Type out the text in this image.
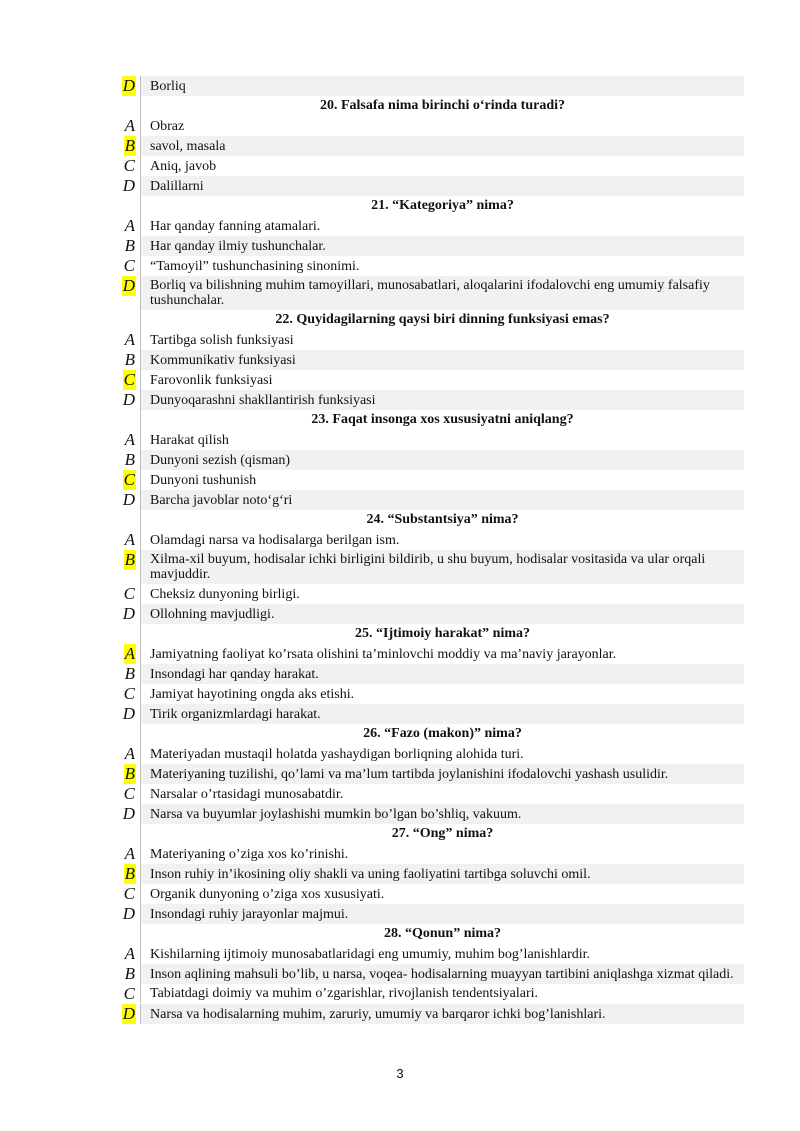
D	Borliq
20. Falsafa nima birinchi o‘rinda turadi?
A	Obraz
B	savol, masala
C	Aniq, javob
D	Dalillarni
21. “Kategoriya” nima?
A	Har qanday fanning atamalari.
B	Har qanday ilmiy tushunchalar.
C	“Tamoyil” tushunchasining sinonimi.
D	Borliq va bilishning muhim tamoyillari, munosabatlari, aloqalarini ifodalovchi eng umumiy falsafiy tushunchalar.
22. Quyidagilarning qaysi biri dinning funksiyasi emas?
A	Tartibga solish funksiyasi
B	Kommunikativ funksiyasi
C	Farovonlik funksiyasi
D	Dunyoqarashni shakllantirish funksiyasi
23. Faqat insonga xos xususiyatni aniqlang?
A	Harakat qilish
B	Dunyoni sezish (qisman)
C	Dunyoni tushunish
D	Barcha javoblar noto‘g‘ri
24. “Substantsiya” nima?
A	Olamdagi narsa va hodisalarga berilgan ism.
B	Xilma-xil buyum, hodisalar ichki birligini bildirib, u shu buyum, hodisalar vositasida va ular orqali mavjuddir.
C	Cheksiz dunyoning birligi.
D	Ollohning mavjudligi.
25. “Ijtimoiy harakat” nima?
A	Jamiyatning faoliyat ko’rsata olishini ta’minlovchi moddiy va ma’naviy jarayonlar.
B	Insondagi har qanday harakat.
C	Jamiyat hayotining ongda aks etishi.
D	Tirik organizmlardagi harakat.
26. “Fazo (makon)” nima?
A	Materiyadan mustaqil holatda yashaydigan borliqning alohida turi.
B	Materiyaning tuzilishi, qo’lami va ma’lum tartibda joylanishini ifodalovchi yashash usulidir.
C	Narsalar o’rtasidagi munosabatdir.
D	Narsa va buyumlar joylashishi mumkin bo’lgan bo’shliq, vakuum.
27. “Ong” nima?
A	Materiyaning o’ziga xos ko’rinishi.
B	Inson ruhiy in’ikosining oliy shakli va uning faoliyatini tartibga soluvchi omil.
C	Organik dunyoning o’ziga xos xususiyati.
D	Insondagi ruhiy jarayonlar majmui.
28. “Qonun” nima?
A	Kishilarning ijtimoiy munosabatlaridagi eng umumiy, muhim bog’lanishlardir.
B	Inson aqlining mahsuli bo’lib, u narsa, voqea- hodisalarning muayyan tartibini aniqlashga xizmat qiladi.
C	Tabiatdagi doimiy va muhim o’zgarishlar, rivojlanish tendentsiyalari.
D	Narsa va hodisalarning muhim, zaruriy, umumiy va barqaror ichki bog’lanishlari.
3
